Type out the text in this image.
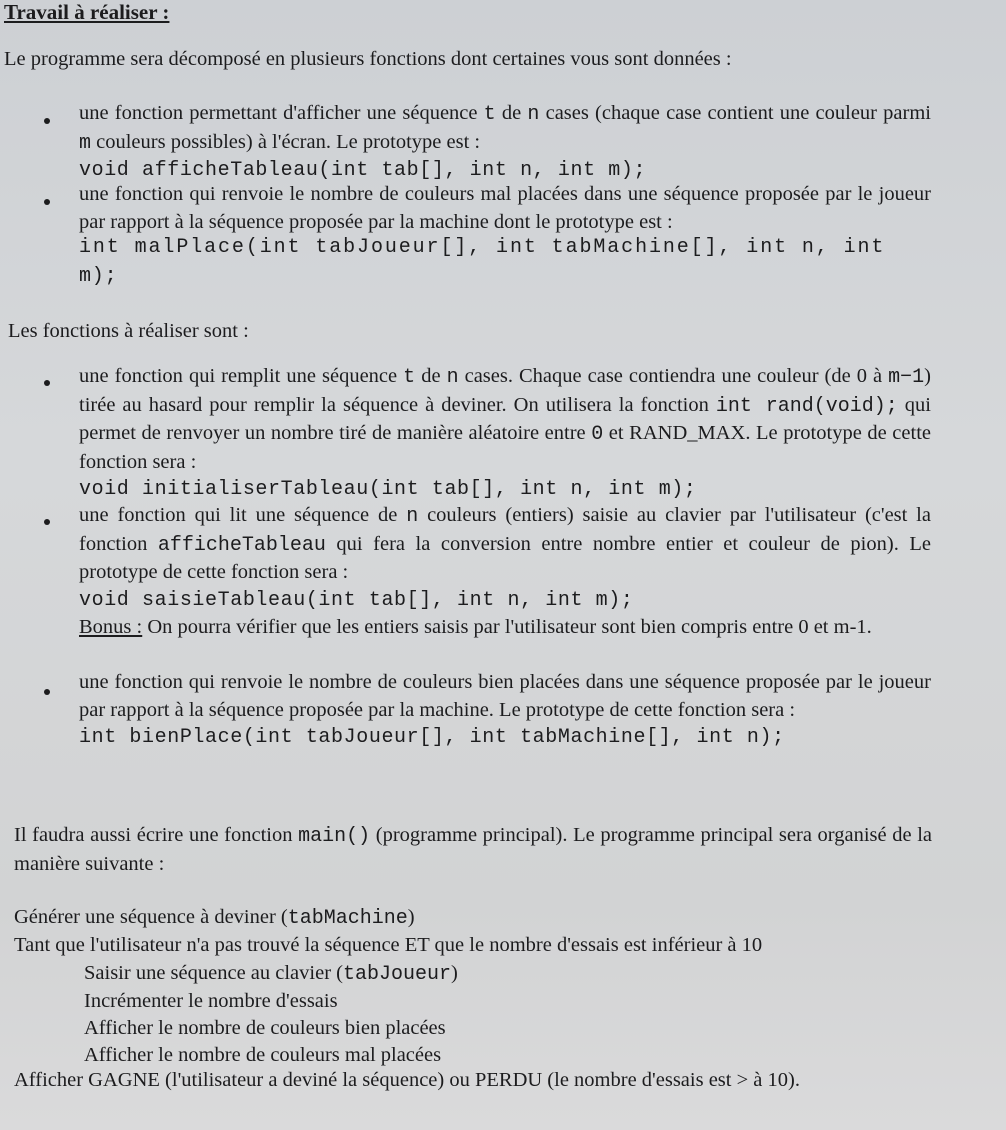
Travail à réaliser :
Le programme sera décomposé en plusieurs fonctions dont certaines vous sont données :
une fonction permettant d'afficher une séquence t de n cases (chaque case contient une couleur parmi m couleurs possibles) à l'écran. Le prototype est :
void afficheTableau(int tab[], int n, int m);
une fonction qui renvoie le nombre de couleurs mal placées dans une séquence proposée par le joueur par rapport à la séquence proposée par la machine dont le prototype est :
int malPlace(int tabJoueur[], int tabMachine[], int n, int
m);
Les fonctions à réaliser sont :
une fonction qui remplit une séquence t de n cases. Chaque case contiendra une couleur (de 0 à m−1) tirée au hasard pour remplir la séquence à deviner. On utilisera la fonction int rand(void); qui permet de renvoyer un nombre tiré de manière aléatoire entre 0 et RAND_MAX. Le prototype de cette fonction sera :
void initialiserTableau(int tab[], int n, int m);
une fonction qui lit une séquence de n couleurs (entiers) saisie au clavier par l'utilisateur (c'est la fonction afficheTableau qui fera la conversion entre nombre entier et couleur de pion). Le prototype de cette fonction sera :
void saisieTableau(int tab[], int n, int m);
Bonus : On pourra vérifier que les entiers saisis par l'utilisateur sont bien compris entre 0 et m-1.
une fonction qui renvoie le nombre de couleurs bien placées dans une séquence proposée par le joueur par rapport à la séquence proposée par la machine. Le prototype de cette fonction sera :
int bienPlace(int tabJoueur[], int tabMachine[], int n);
Il faudra aussi écrire une fonction main() (programme principal). Le programme principal sera organisé de la manière suivante :
Générer une séquence à deviner (tabMachine)
Tant que l'utilisateur n'a pas trouvé la séquence ET que le nombre d'essais est inférieur à 10
Saisir une séquence au clavier (tabJoueur)
Incrémenter le nombre d'essais
Afficher le nombre de couleurs bien placées
Afficher le nombre de couleurs mal placées
Afficher GAGNE (l'utilisateur a deviné la séquence) ou PERDU (le nombre d'essais est > à 10).
